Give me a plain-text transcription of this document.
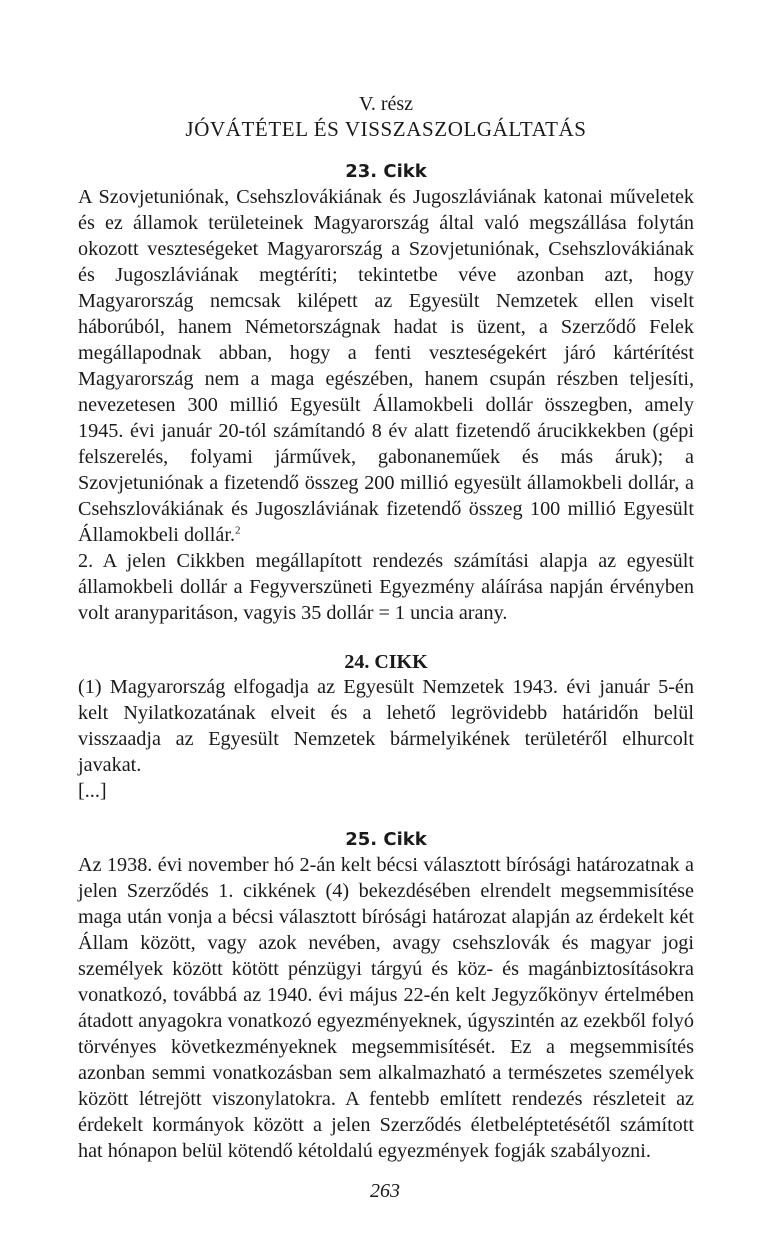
V. rész

JÓVÁTÉTEL ÉS VISSZASZOLGÁLTATÁS
23. Cikk

A Szovjetuniónak, Csehszlovákiának és Jugoszláviának katonai műveletek és ez államok területeinek Magyarország által való megszállása folytán okozott veszteségeket Magyarország a Szovjetuniónak, Csehszlovákiának és Jugoszláviának megtéríti; tekintetbe véve azonban azt, hogy Magyarország nemcsak kilépett az Egyesült Nemzetek ellen viselt háborúból, hanem Németországnak hadat is üzent, a Szerződő Felek megállapodnak abban, hogy a fenti veszteségekért járó kártérítést Magyarország nem a maga egészében, hanem csupán részben teljesíti, nevezetesen 300 millió Egyesült Államokbeli dollár összegben, amely 1945. évi január 20-tól számítandó 8 év alatt fizetendő árucikkekben (gépi felszerelés, folyami járművek, gabonaneműek és más áruk); a Szovjetuniónak a fizetendő összeg 200 millió egyesült államokbeli dollár, a Csehszlovákiának és Jugoszláviának fizetendő összeg 100 millió Egyesült Államokbeli dollár.$^2$

2. A jelen Cikkben megállapított rendezés számítási alapja az egyesült államokbeli dollár a Fegyverszüneti Egyezmény aláírása napján érvényben volt aranyparitáson, vagyis 35 dollár = 1 uncia arany.

24. CIKK

(1) Magyarország elfogadja az Egyesült Nemzetek 1943. évi január 5-én kelt Nyilatkozatának elveit és a lehető legrövidebb határidőn belül visszaadja az Egyesült Nemzetek bármelyikének területéről elhurcolt javakat.

[...]

25. Cikk

Az 1938. évi november hó 2-án kelt bécsi választott bírósági határozatnak a jelen Szerződés 1. cikkének (4) bekezdésében elrendelt megsemmisítése maga után vonja a bécsi választott bírósági határozat alapján az érdekelt két Állam között, vagy azok nevében, avagy csehszlovák és magyar jogi személyek között kötött pénzügyi tárgyú és köz- és magánbiztosításokra vonatkozó, továbbá az 1940. évi május 22-én kelt Jegyzőkönyv értelmében átadott anyagokra vonatkozó egyezményeknek, úgyszintén az ezekből folyó törvényes következményeknek megsemmisítését. Ez a megsemmisítés azonban semmi vonatkozásban sem alkalmazható a természetes személyek között létrejött viszonylatokra. A fentebb említett rendezés részleteit az érdekelt kormányok között a jelen Szerződés életbeléptetésétől számított hat hónapon belül kötendő kétoldalú egyezmények fogják szabályozni.

263
